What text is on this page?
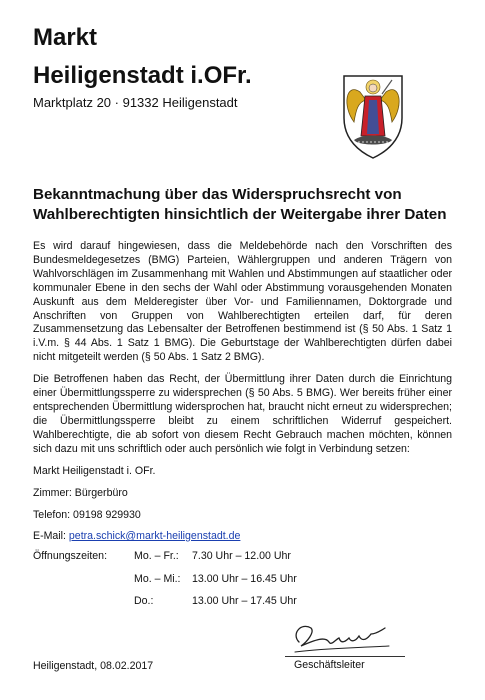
Markt
Heiligenstadt i.OFr.
Marktplatz 20 · 91332 Heiligenstadt
Bekanntmachung über das Widerspruchsrecht von
Wahlberechtigten hinsichtlich der Weitergabe ihrer Daten

Es wird darauf hingewiesen, dass die Meldebehörde nach den Vorschriften des Bundesmeldegesetzes (BMG) Parteien, Wählergruppen und anderen Trägern von Wahlvorschlägen im Zusammenhang mit Wahlen und Abstimmungen auf staatlicher oder kommunaler Ebene in den sechs der Wahl oder Abstimmung vorausgehenden Monaten Auskunft aus dem Melderegister über Vor- und Familiennamen, Doktorgrade und Anschriften von Gruppen von Wahlberechtigten erteilen darf, für deren Zusammensetzung das Lebensalter der Betroffenen bestimmend ist (§ 50 Abs. 1 Satz 1 i.V.m. § 44 Abs. 1 Satz 1 BMG). Die Geburtstage der Wahlberechtigten dürfen dabei nicht mitgeteilt werden (§ 50 Abs. 1 Satz 2 BMG).

Die Betroffenen haben das Recht, der Übermittlung ihrer Daten durch die Einrichtung einer Übermittlungssperre zu widersprechen (§ 50 Abs. 5 BMG). Wer bereits früher einer entsprechenden Übermittlung widersprochen hat, braucht nicht erneut zu widersprechen; die Übermittlungssperre bleibt zu einem schriftlichen Widerruf gespeichert. Wahlberechtigte, die ab sofort von diesem Recht Gebrauch machen möchten, können sich dazu mit uns schriftlich oder auch persönlich wie folgt in Verbindung setzen:

Markt Heiligenstadt i. OFr.
Zimmer: Bürgerbüro
Telefon: 09198 929930
E-Mail: petra.schick@markt-heiligenstadt.de
Öffnungszeiten:	Mo. – Fr.: 7.30 Uhr – 12.00 Uhr
Mo. – Mi.: 13.00 Uhr – 16.45 Uhr
Do.:	13.00 Uhr – 17.45 Uhr
Geschäftsleiter
Heiligenstadt, 08.02.2017
